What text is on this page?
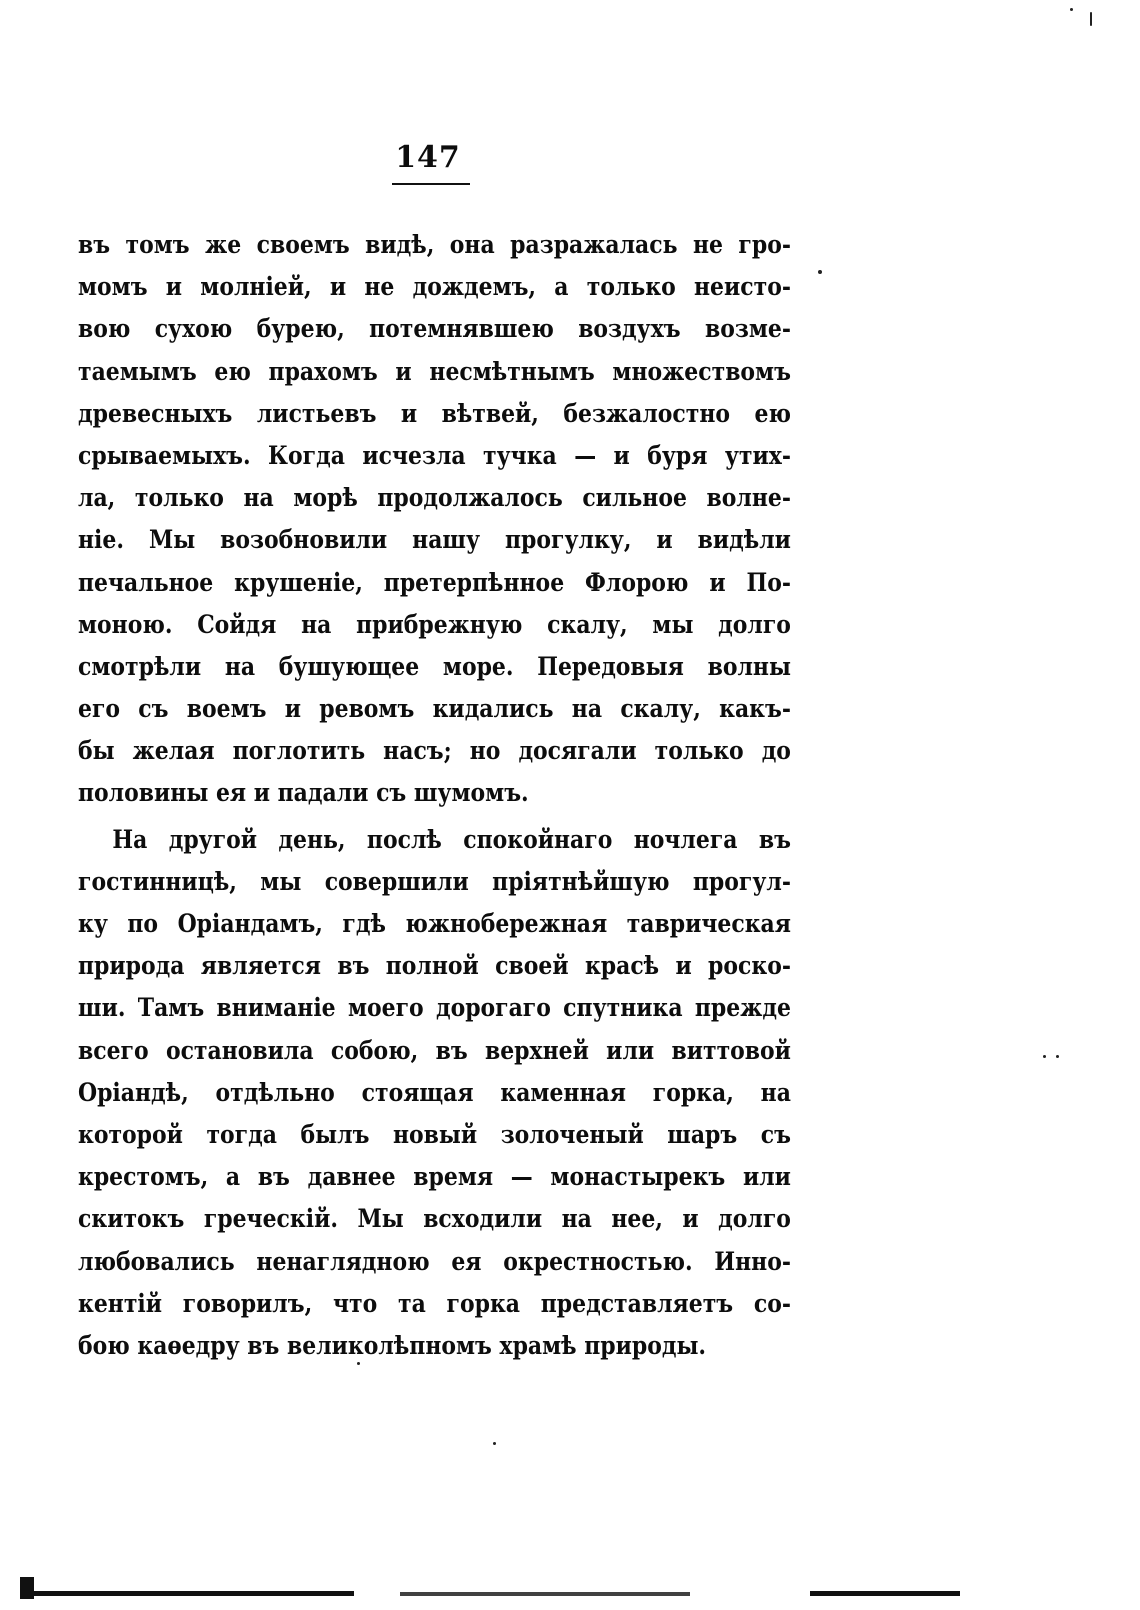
147
въ томъ же своемъ видѣ, она разражалась не гро-
момъ и молніей, и не дождемъ, а только неисто-
вою сухою бурею, потемнявшею воздухъ возме-
таемымъ ею прахомъ и несмѣтнымъ множествомъ
древесныхъ листьевъ и вѣтвей, безжалостно ею
срываемыхъ. Когда исчезла тучка — и буря утих-
ла, только на морѣ продолжалось сильное волне-
ніе. Мы возобновили нашу прогулку, и видѣли
печальное крушеніе, претерпѣнное Флорою и По-
моною. Сойдя на прибрежную скалу, мы долго
смотрѣли на бушующее море. Передовыя волны
его съ воемъ и ревомъ кидались на скалу, какъ-
бы желая поглотить насъ; но досягали только до
половины ея и падали съ шумомъ.
На другой день, послѣ спокойнаго ночлега въ
гостинницѣ, мы совершили пріятнѣйшую прогул-
ку по Оріандамъ, гдѣ южнобережная таврическая
природа является въ полной своей красѣ и роско-
ши. Тамъ вниманіе моего дорогаго спутника прежде
всего остановила собою, въ верхней или виттовой
Оріандѣ, отдѣльно стоящая каменная горка, на
которой тогда былъ новый золоченый шаръ съ
крестомъ, а въ давнее время — монастырекъ или
скитокъ греческій. Мы всходили на нее, и долго
любовались ненаглядною ея окрестностью. Инно-
кентій говорилъ, что та горка представляетъ со-
бою каѳедру въ великолѣпномъ храмѣ природы.
